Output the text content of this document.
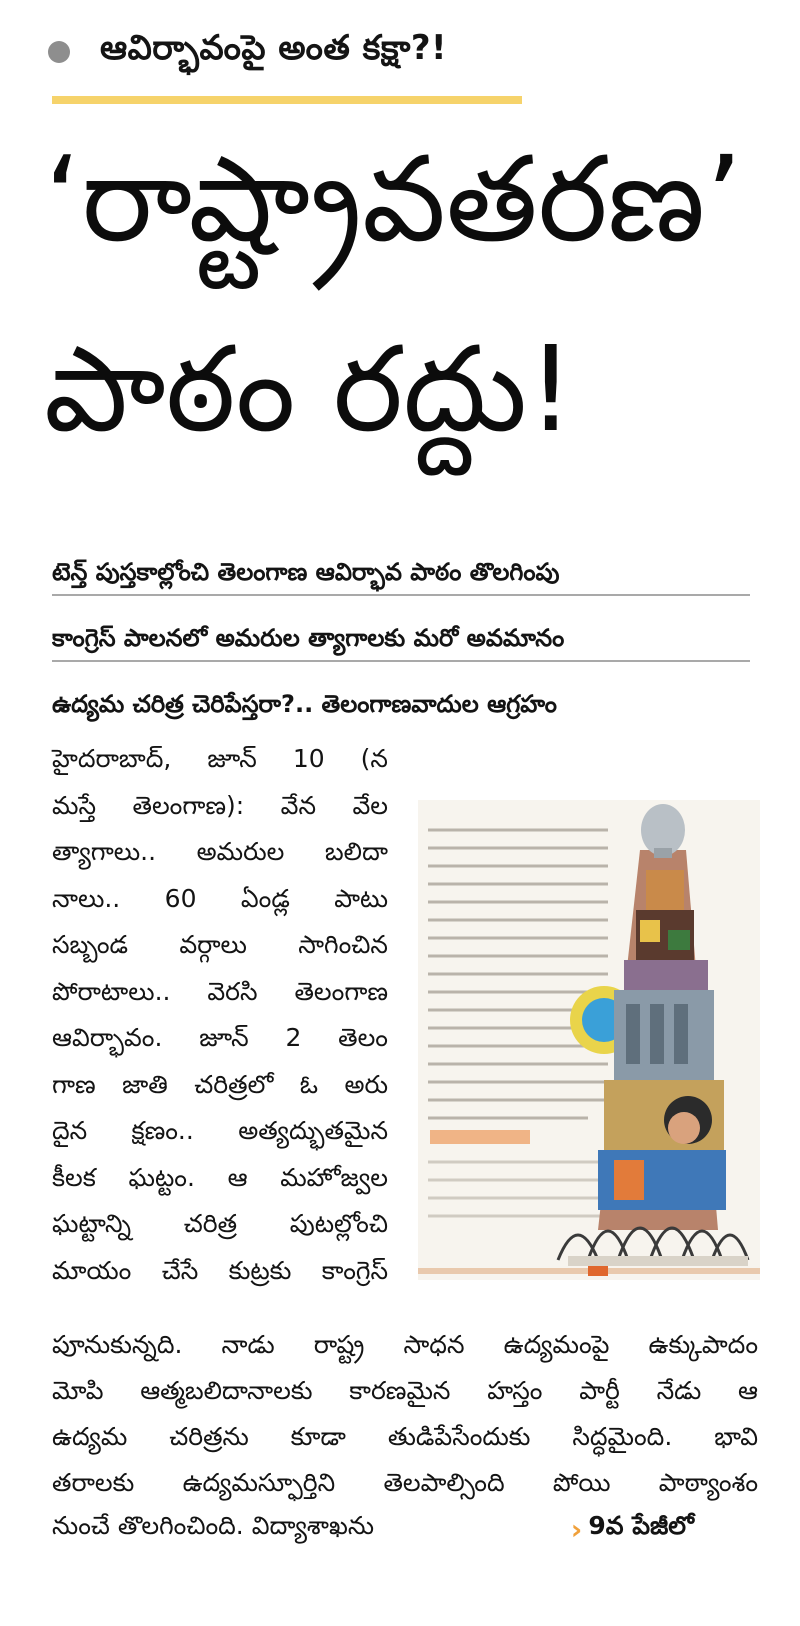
ఆవిర్భావంపై అంత కక్షా?!
‘రాష్ట్రావతరణ’
పాఠం రద్దు!
టెన్త్‌ పుస్తకాల్లోంచి తెలంగాణ ఆవిర్భావ పాఠం తొలగింపు
కాంగ్రెస్‌ పాలనలో అమరుల త్యాగాలకు మరో అవమానం
ఉద్యమ చరిత్ర చెరిపేస్తరా?.. తెలంగాణవాదుల ఆగ్రహం
హైదరాబాద్‌, జూన్‌ 10 (న
మస్తే తెలంగాణ): వేన వేల
త్యాగాలు.. అమరుల బలిదా
నాలు.. 60 ఏండ్ల పాటు
సబ్బండ వర్గాలు సాగించిన
పోరాటాలు.. వెరసి తెలంగాణ
ఆవిర్భావం. జూన్‌ 2 తెలం
గాణ జాతి చరిత్రలో ఓ అరు
దైన క్షణం.. అత్యద్భుతమైన
కీలక ఘట్టం. ఆ మహోజ్వల
ఘట్టాన్ని చరిత్ర పుటల్లోంచి
మాయం చేసే కుట్రకు కాంగ్రెస్‌
పూనుకున్నది. నాడు రాష్ట్ర సాధన ఉద్యమంపై ఉక్కుపాదం
మోపి ఆత్మబలిదానాలకు కారణమైన హస్తం పార్టీ నేడు ఆ
ఉద్యమ చరిత్రను కూడా తుడిపేసేందుకు సిద్ధమైంది. భావి
తరాలకు ఉద్యమస్ఫూర్తిని తెలపాల్సింది పోయి పాఠ్యాంశం
నుంచే తొలగించింది. విద్యాశాఖను	› 9వ పేజీలో
